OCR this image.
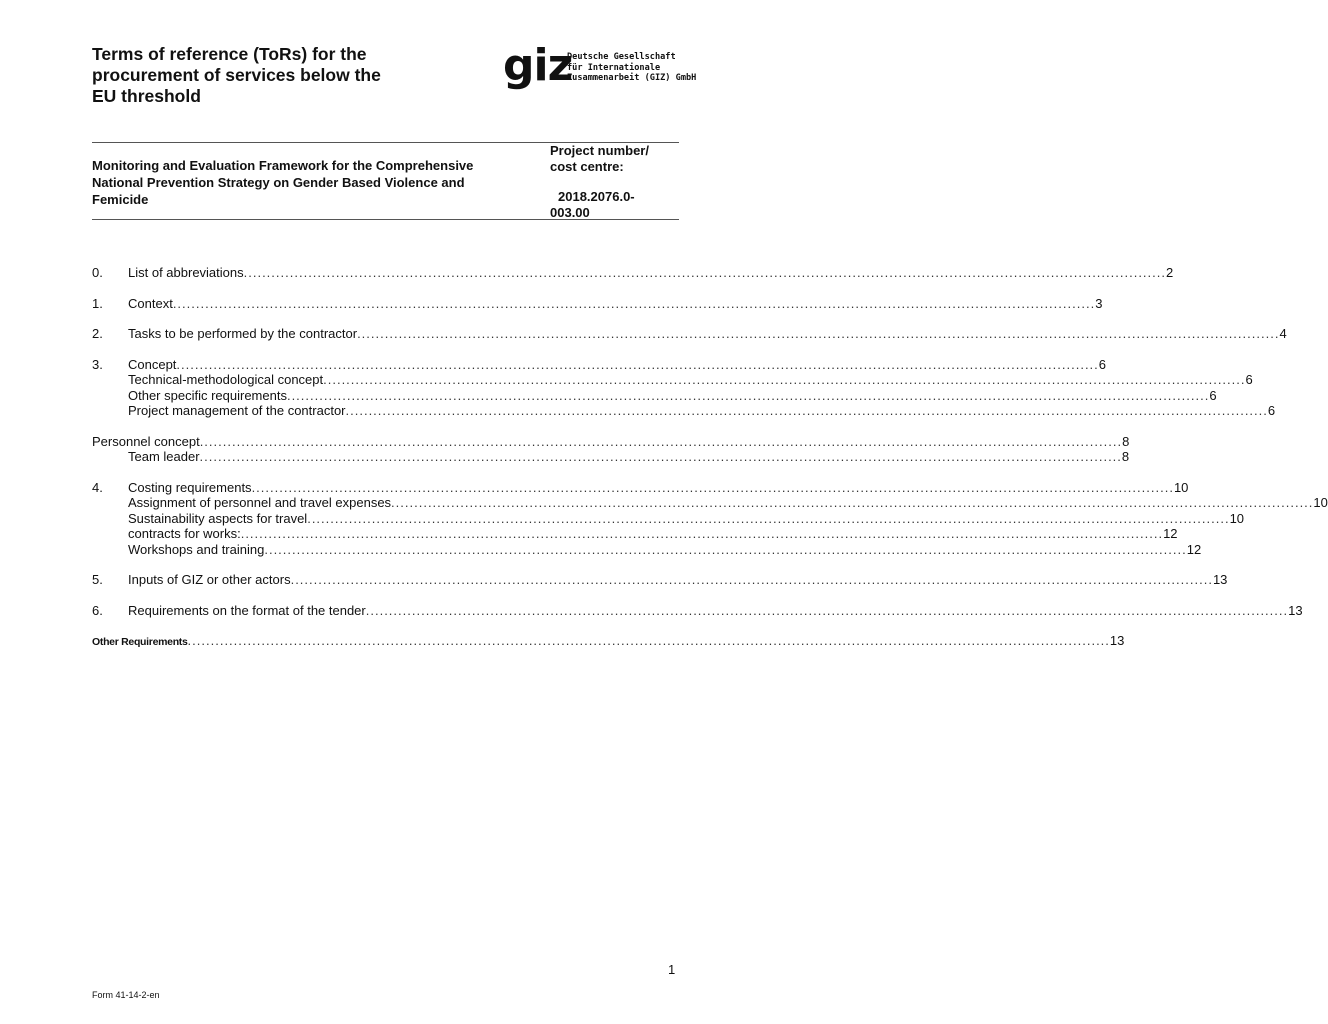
Terms of reference (ToRs) for the
procurement of services below the
EU threshold
giz
Deutsche Gesellschaft
für Internationale
Zusammenarbeit (GIZ) GmbH
Monitoring and Evaluation Framework for the Comprehensive
National Prevention Strategy on Gender Based Violence and
Femicide
Project number/
cost centre:
2018.2076.0-
003.00
0. List of abbreviations ........................................................................................................................................................................................................ 2
1. Context ........................................................................................................................................................................................................ 3
2. Tasks to be performed by the contractor ........................................................................................................................................................................................................ 4
3. Concept ........................................................................................................................................................................................................ 6
Technical-methodological concept ........................................................................................................................................................................................................ 6
Other specific requirements ........................................................................................................................................................................................................ 6
Project management of the contractor ........................................................................................................................................................................................................ 6
Personnel concept ........................................................................................................................................................................................................ 8
Team leader ........................................................................................................................................................................................................ 8
4. Costing requirements ........................................................................................................................................................................................................ 10
Assignment of personnel and travel expenses ........................................................................................................................................................................................................ 10
Sustainability aspects for travel ........................................................................................................................................................................................................ 10
contracts for works: ........................................................................................................................................................................................................ 12
Workshops and training ........................................................................................................................................................................................................ 12
5. Inputs of GIZ or other actors ........................................................................................................................................................................................................ 13
6. Requirements on the format of the tender ........................................................................................................................................................................................................ 13
Other Requirements ........................................................................................................................................................................................................ 13
Form 41-14-2-en
1
